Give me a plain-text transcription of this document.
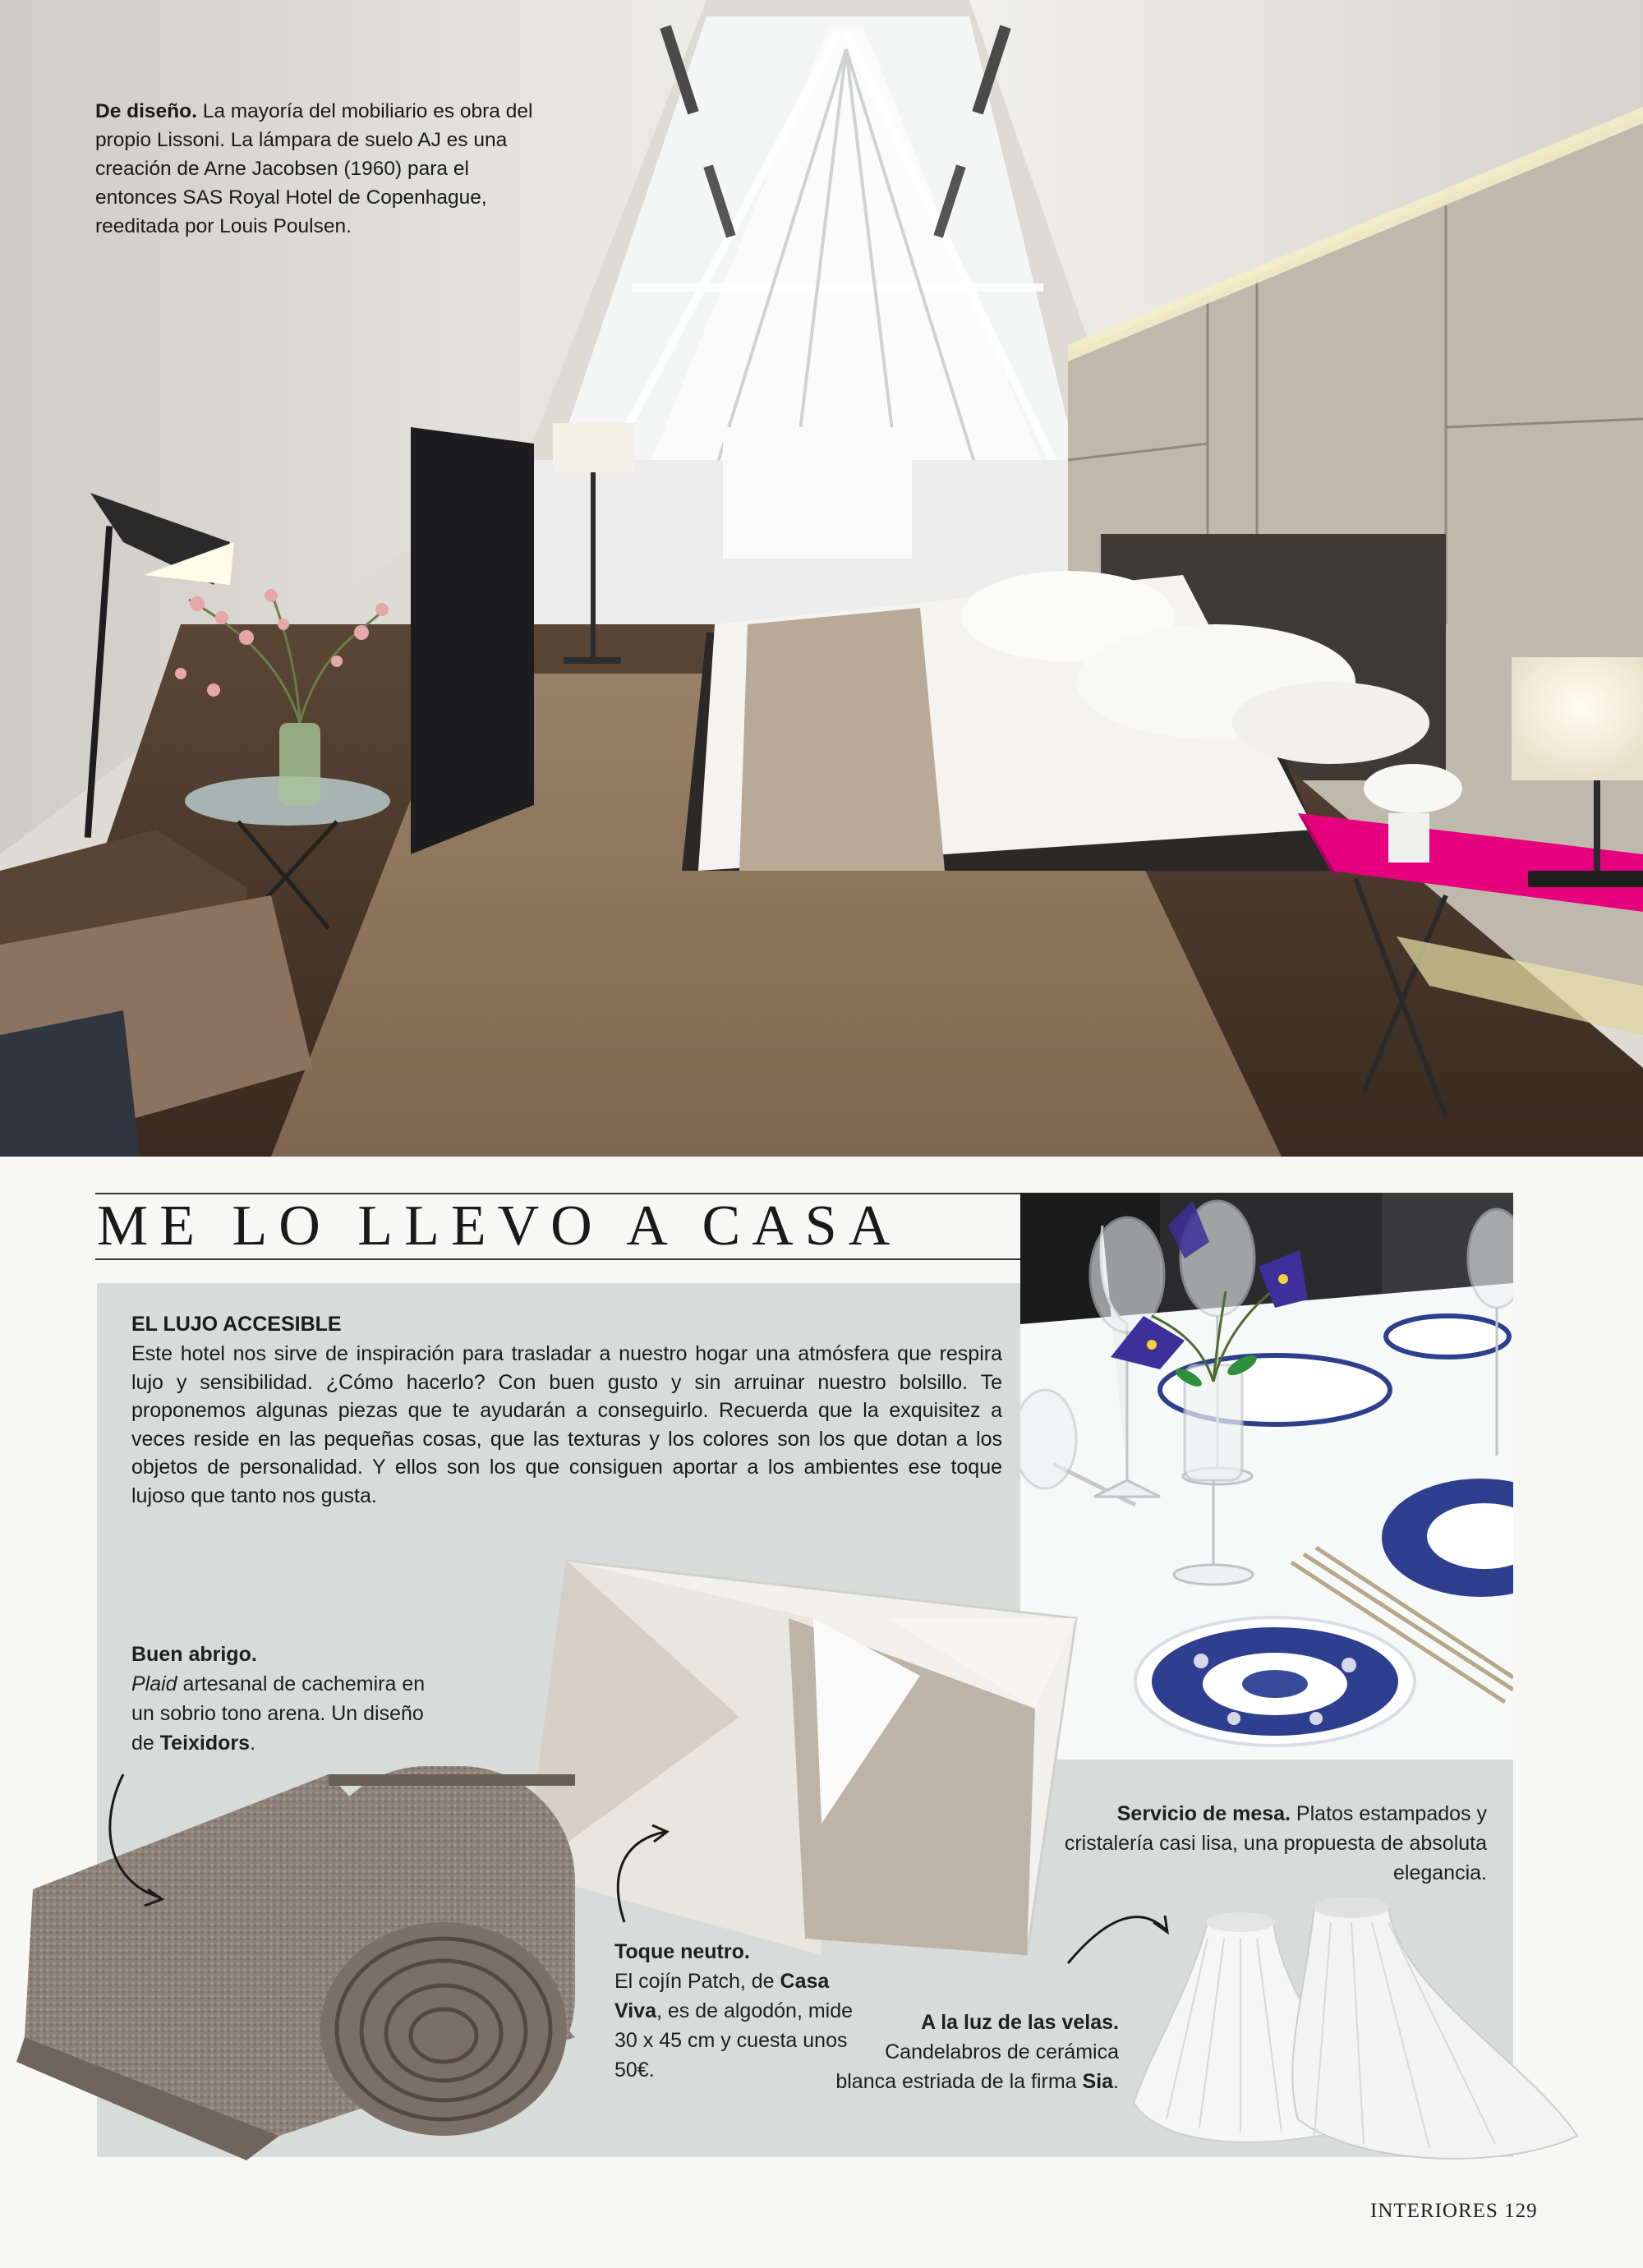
De diseño. La mayoría del mobiliario es obra del propio Lissoni. La lámpara de suelo AJ es una creación de Arne Jacobsen (1960) para el entonces SAS Royal Hotel de Copenhague, reeditada por Louis Poulsen.
ME LO LLEVO A CASA
EL LUJO ACCESIBLE
Este hotel nos sirve de inspiración para trasladar a nuestro hogar una atmósfera que respira lujo y sensibilidad. ¿Cómo hacerlo? Con buen gusto y sin arruinar nuestro bolsillo. Te proponemos algunas piezas que te ayudarán a conseguirlo. Recuerda que la exquisitez a veces reside en las pequeñas cosas, que las texturas y los colores son los que dotan a los objetos de personalidad. Y ellos son los que consiguen aportar a los ambientes ese toque lujoso que tanto nos gusta.
Buen abrigo.
Plaid artesanal de cachemira en un sobrio tono arena. Un diseño de Teixidors.
Toque neutro.
El cojín Patch, de Casa Viva, es de algodón, mide 30 x 45 cm y cuesta unos 50€.
Servicio de mesa. Platos estampados y cristalería casi lisa, una propuesta de absoluta elegancia.
A la luz de las velas. Candelabros de cerámica blanca estriada de la firma Sia.
INTERIORES 129
